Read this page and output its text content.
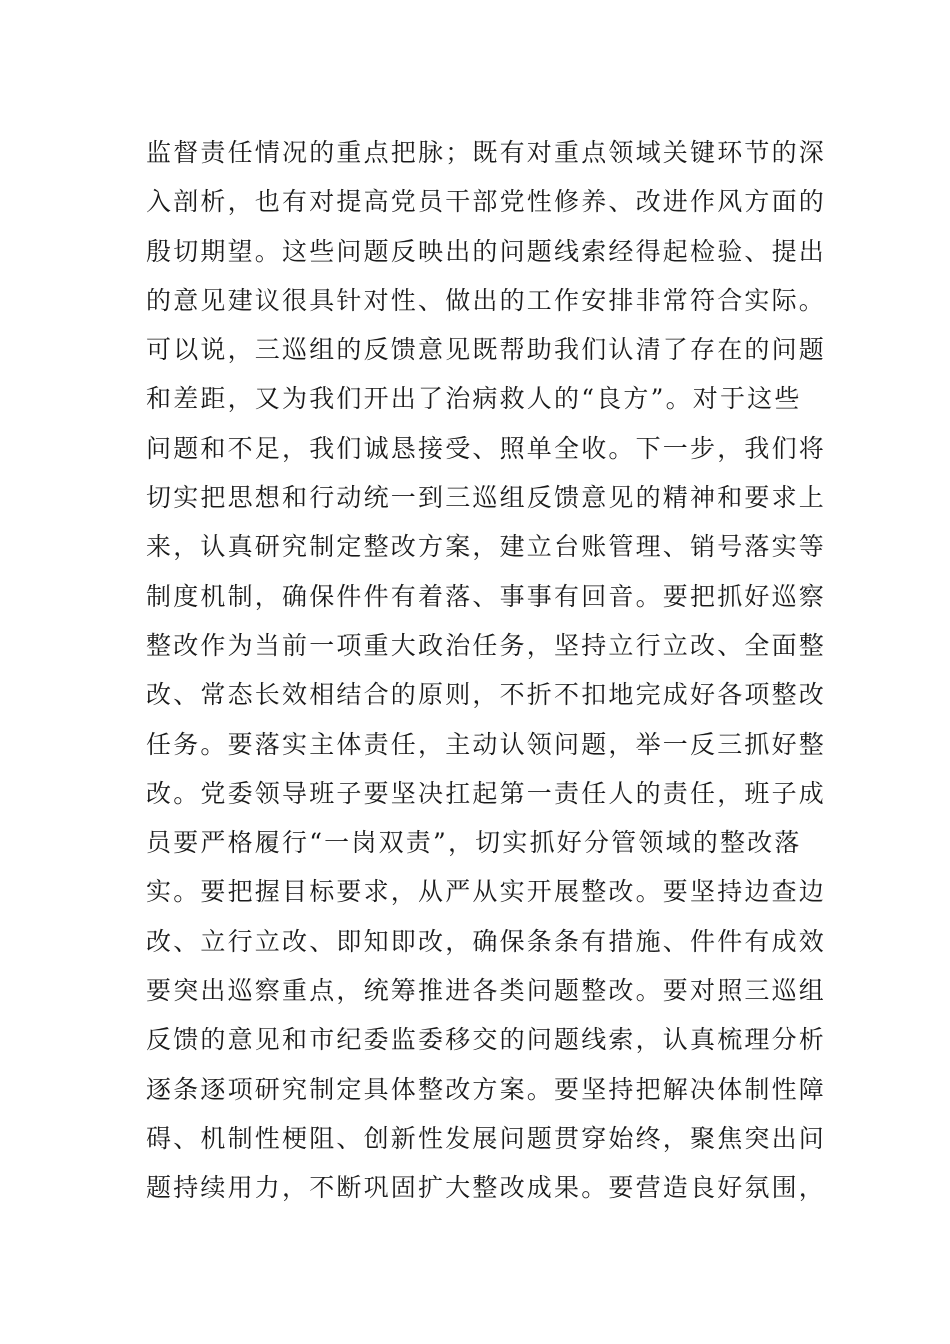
监督责任情况的重点把脉；既有对重点领域关键环节的深
入剖析，也有对提高党员干部党性修养、改进作风方面的
殷切期望。这些问题反映出的问题线索经得起检验、提出
的意见建议很具针对性、做出的工作安排非常符合实际。
可以说，三巡组的反馈意见既帮助我们认清了存在的问题
和差距，又为我们开出了治病救人的“良方”。对于这些
问题和不足，我们诚恳接受、照单全收。下一步，我们将
切实把思想和行动统一到三巡组反馈意见的精神和要求上
来，认真研究制定整改方案，建立台账管理、销号落实等
制度机制，确保件件有着落、事事有回音。要把抓好巡察
整改作为当前一项重大政治任务，坚持立行立改、全面整
改、常态长效相结合的原则，不折不扣地完成好各项整改
任务。要落实主体责任，主动认领问题，举一反三抓好整
改。党委领导班子要坚决扛起第一责任人的责任，班子成
员要严格履行“一岗双责”，切实抓好分管领域的整改落
实。要把握目标要求，从严从实开展整改。要坚持边查边
改、立行立改、即知即改，确保条条有措施、件件有成效
要突出巡察重点，统筹推进各类问题整改。要对照三巡组
反馈的意见和市纪委监委移交的问题线索，认真梳理分析
逐条逐项研究制定具体整改方案。要坚持把解决体制性障
碍、机制性梗阻、创新性发展问题贯穿始终，聚焦突出问
题持续用力，不断巩固扩大整改成果。要营造良好氛围，
